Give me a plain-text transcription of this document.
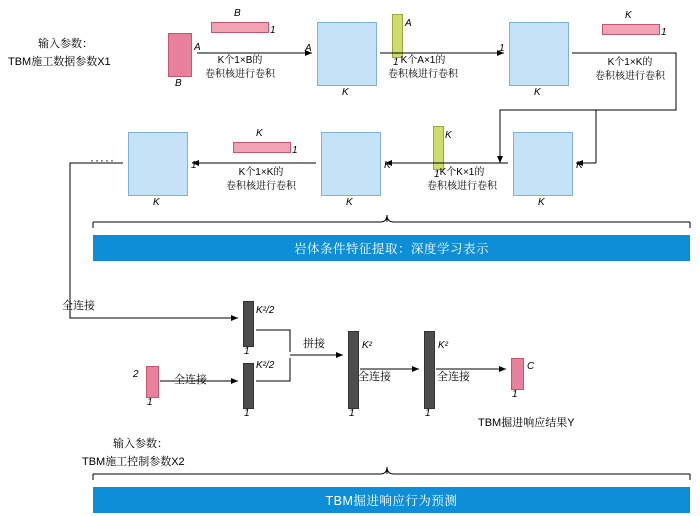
A
B
B
1
K个1×B的
卷积核进行卷积
A
K
A
1 K个A×1的
卷积核进行卷积
1
K
K
1
K个1×K的
卷积核进行卷积
K
K
K
1 K个K×1的
卷积核进行卷积
K
K
K
1
K个1×K的
卷积核进行卷积
1
K
·····
输入参数：
TBM施工数据参数X1
岩体条件特征提取：深度学习表示
TBM掘进响应行为预测
全连接	K²/2
1
K²/2
1
拼接	K²
1
全连接
K²
1
全连接
C
1
TBM掘进响应结果Y
2
1
全连接
输入参数：
TBM施工控制参数X2
